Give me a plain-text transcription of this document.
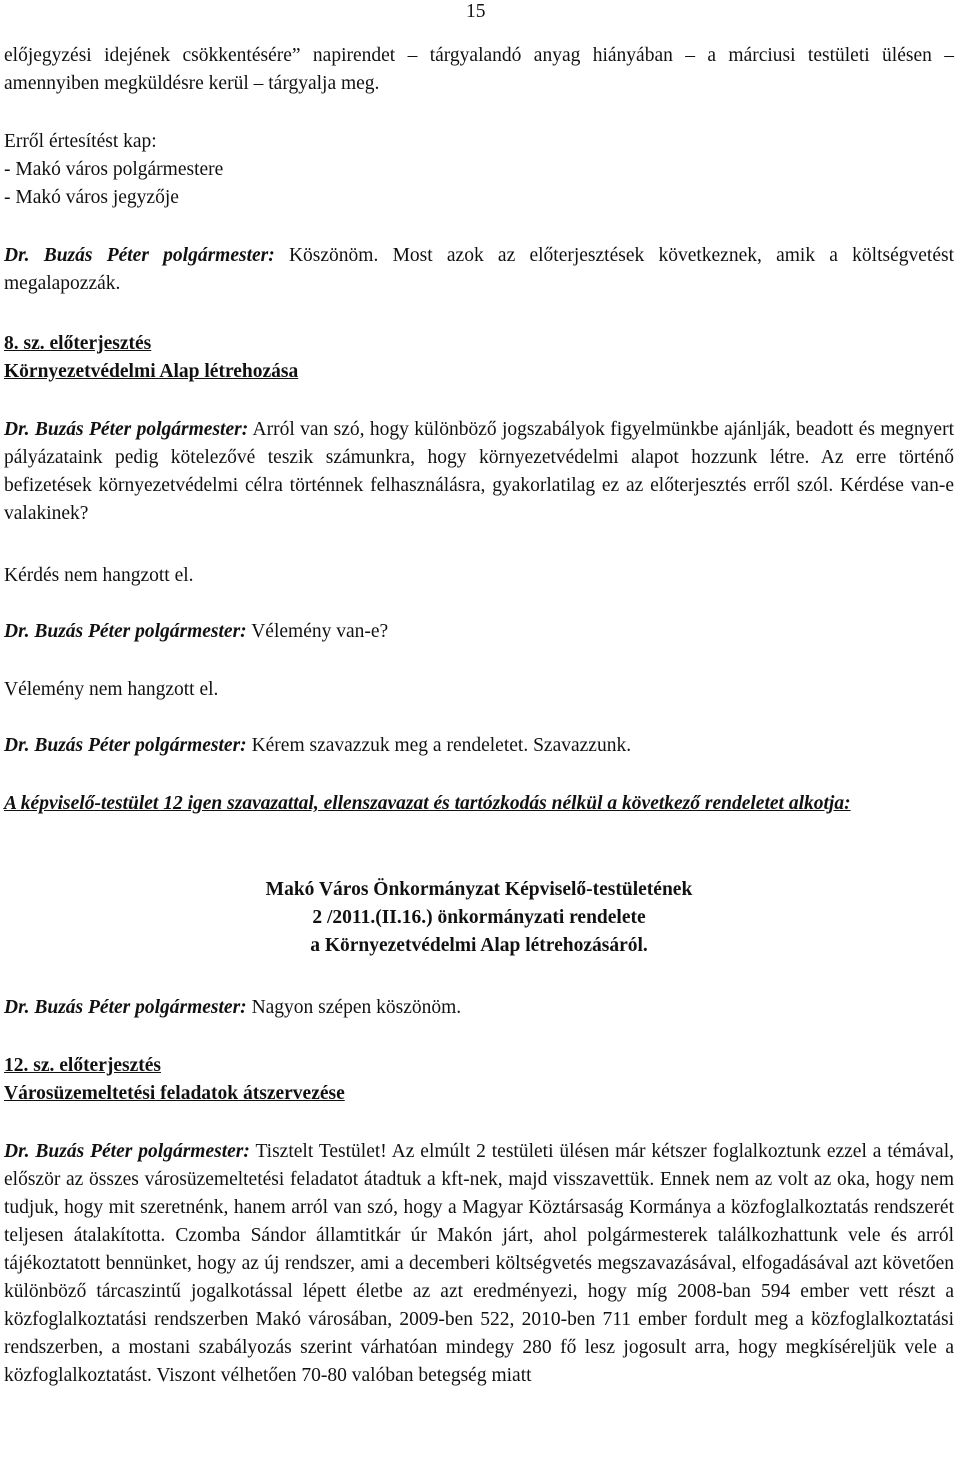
15

előjegyzési idejének csökkentésére” napirendet – tárgyalandó anyag hiányában – a márciusi testületi ülésen – amennyiben megküldésre kerül – tárgyalja meg.

Erről értesítést kap:

- Makó város polgármestere

- Makó város jegyzője

Dr. Buzás Péter polgármester: Köszönöm. Most azok az előterjesztések következnek, amik a költségvetést megalapozzák.

8. sz. előterjesztés

Környezetvédelmi Alap létrehozása

Dr. Buzás Péter polgármester: Arról van szó, hogy különböző jogszabályok figyelmünkbe ajánlják, beadott és megnyert pályázataink pedig kötelezővé teszik számunkra, hogy környezetvédelmi alapot hozzunk létre. Az erre történő befizetések környezetvédelmi célra történnek felhasználásra, gyakorlatilag ez az előterjesztés erről szól. Kérdése van-e valakinek?

Kérdés nem hangzott el.

Dr. Buzás Péter polgármester: Vélemény van-e?

Vélemény nem hangzott el.

Dr. Buzás Péter polgármester: Kérem szavazzuk meg a rendeletet. Szavazzunk.

A képviselő-testület 12 igen szavazattal, ellenszavazat és tartózkodás nélkül a következő rendeletet alkotja:

Makó Város Önkormányzat Képviselő-testületének

2 /2011.(II.16.) önkormányzati rendelete

a Környezetvédelmi Alap létrehozásáról.

Dr. Buzás Péter polgármester: Nagyon szépen köszönöm.

12. sz. előterjesztés

Városüzemeltetési feladatok átszervezése

Dr. Buzás Péter polgármester: Tisztelt Testület! Az elmúlt 2 testületi ülésen már kétszer foglalkoztunk ezzel a témával, először az összes városüzemeltetési feladatot átadtuk a kft-nek, majd visszavettük. Ennek nem az volt az oka, hogy nem tudjuk, hogy mit szeretnénk, hanem arról van szó, hogy a Magyar Köztársaság Kormánya a közfoglalkoztatás rendszerét teljesen átalakította. Czomba Sándor államtitkár úr Makón járt, ahol polgármesterek találkozhattunk vele és arról tájékoztatott bennünket, hogy az új rendszer, ami a decemberi költségvetés megszavazásával, elfogadásával azt követően különböző tárcaszintű jogalkotással lépett életbe az azt eredményezi, hogy míg 2008-ban 594 ember vett részt a közfoglalkoztatási rendszerben Makó városában, 2009-ben 522, 2010-ben 711 ember fordult meg a közfoglalkoztatási rendszerben, a mostani szabályozás szerint várhatóan mindegy 280 fő lesz jogosult arra, hogy megkíséreljük vele a közfoglalkoztatást. Viszont vélhetően 70-80 valóban betegség miatt
